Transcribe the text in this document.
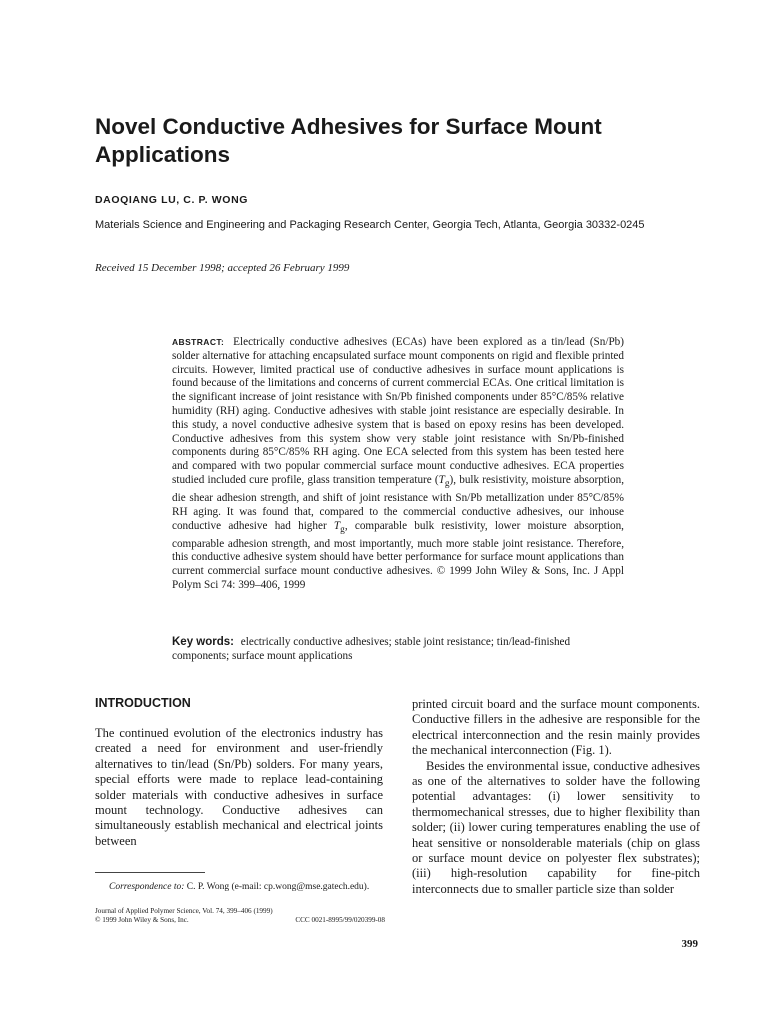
Novel Conductive Adhesives for Surface Mount Applications
DAOQIANG LU, C. P. WONG
Materials Science and Engineering and Packaging Research Center, Georgia Tech, Atlanta, Georgia 30332-0245
Received 15 December 1998; accepted 26 February 1999
ABSTRACT: Electrically conductive adhesives (ECAs) have been explored as a tin/lead (Sn/Pb) solder alternative for attaching encapsulated surface mount components on rigid and flexible printed circuits. However, limited practical use of conductive adhesives in surface mount applications is found because of the limitations and concerns of current commercial ECAs. One critical limitation is the significant increase of joint resistance with Sn/Pb finished components under 85°C/85% relative humidity (RH) aging. Conductive adhesives with stable joint resistance are especially desirable. In this study, a novel conductive adhesive system that is based on epoxy resins has been developed. Conductive adhesives from this system show very stable joint resistance with Sn/Pb-finished components during 85°C/85% RH aging. One ECA selected from this system has been tested here and compared with two popular commercial surface mount conductive adhesives. ECA properties studied included cure profile, glass transition temperature $(T_g)$, bulk resistivity, moisture absorption, die shear adhesion strength, and shift of joint resistance with Sn/Pb metallization under 85°C/85% RH aging. It was found that, compared to the commercial conductive adhesives, our inhouse conductive adhesive had higher $T_g$, comparable bulk resistivity, lower moisture absorption, comparable adhesion strength, and most importantly, much more stable joint resistance. Therefore, this conductive adhesive system should have better performance for surface mount applications than current commercial surface mount conductive adhesives. © 1999 John Wiley & Sons, Inc. J Appl Polym Sci 74: 399–406, 1999
Key words: electrically conductive adhesives; stable joint resistance; tin/lead-finished components; surface mount applications
INTRODUCTION

The continued evolution of the electronics industry has created a need for environment and user-friendly alternatives to tin/lead (Sn/Pb) solders. For many years, special efforts were made to replace lead-containing solder materials with conductive adhesives in surface mount technology. Conductive adhesives can simultaneously establish mechanical and electrical joints between

printed circuit board and the surface mount components. Conductive fillers in the adhesive are responsible for the electrical interconnection and the resin mainly provides the mechanical interconnection (Fig. 1).

Besides the environmental issue, conductive adhesives as one of the alternatives to solder have the following potential advantages: (i) lower sensitivity to thermomechanical stresses, due to higher flexibility than solder; (ii) lower curing temperatures enabling the use of heat sensitive or nonsolderable materials (chip on glass or surface mount device on polyester flex substrates); (iii) high-resolution capability for fine-pitch interconnects due to smaller particle size than solder

Correspondence to: C. P. Wong (e-mail: cp.wong@mse.gatech.edu).
Journal of Applied Polymer Science, Vol. 74, 399–406 (1999)
© 1999 John Wiley & Sons, Inc.	CCC 0021-8995/99/020399-08
399
